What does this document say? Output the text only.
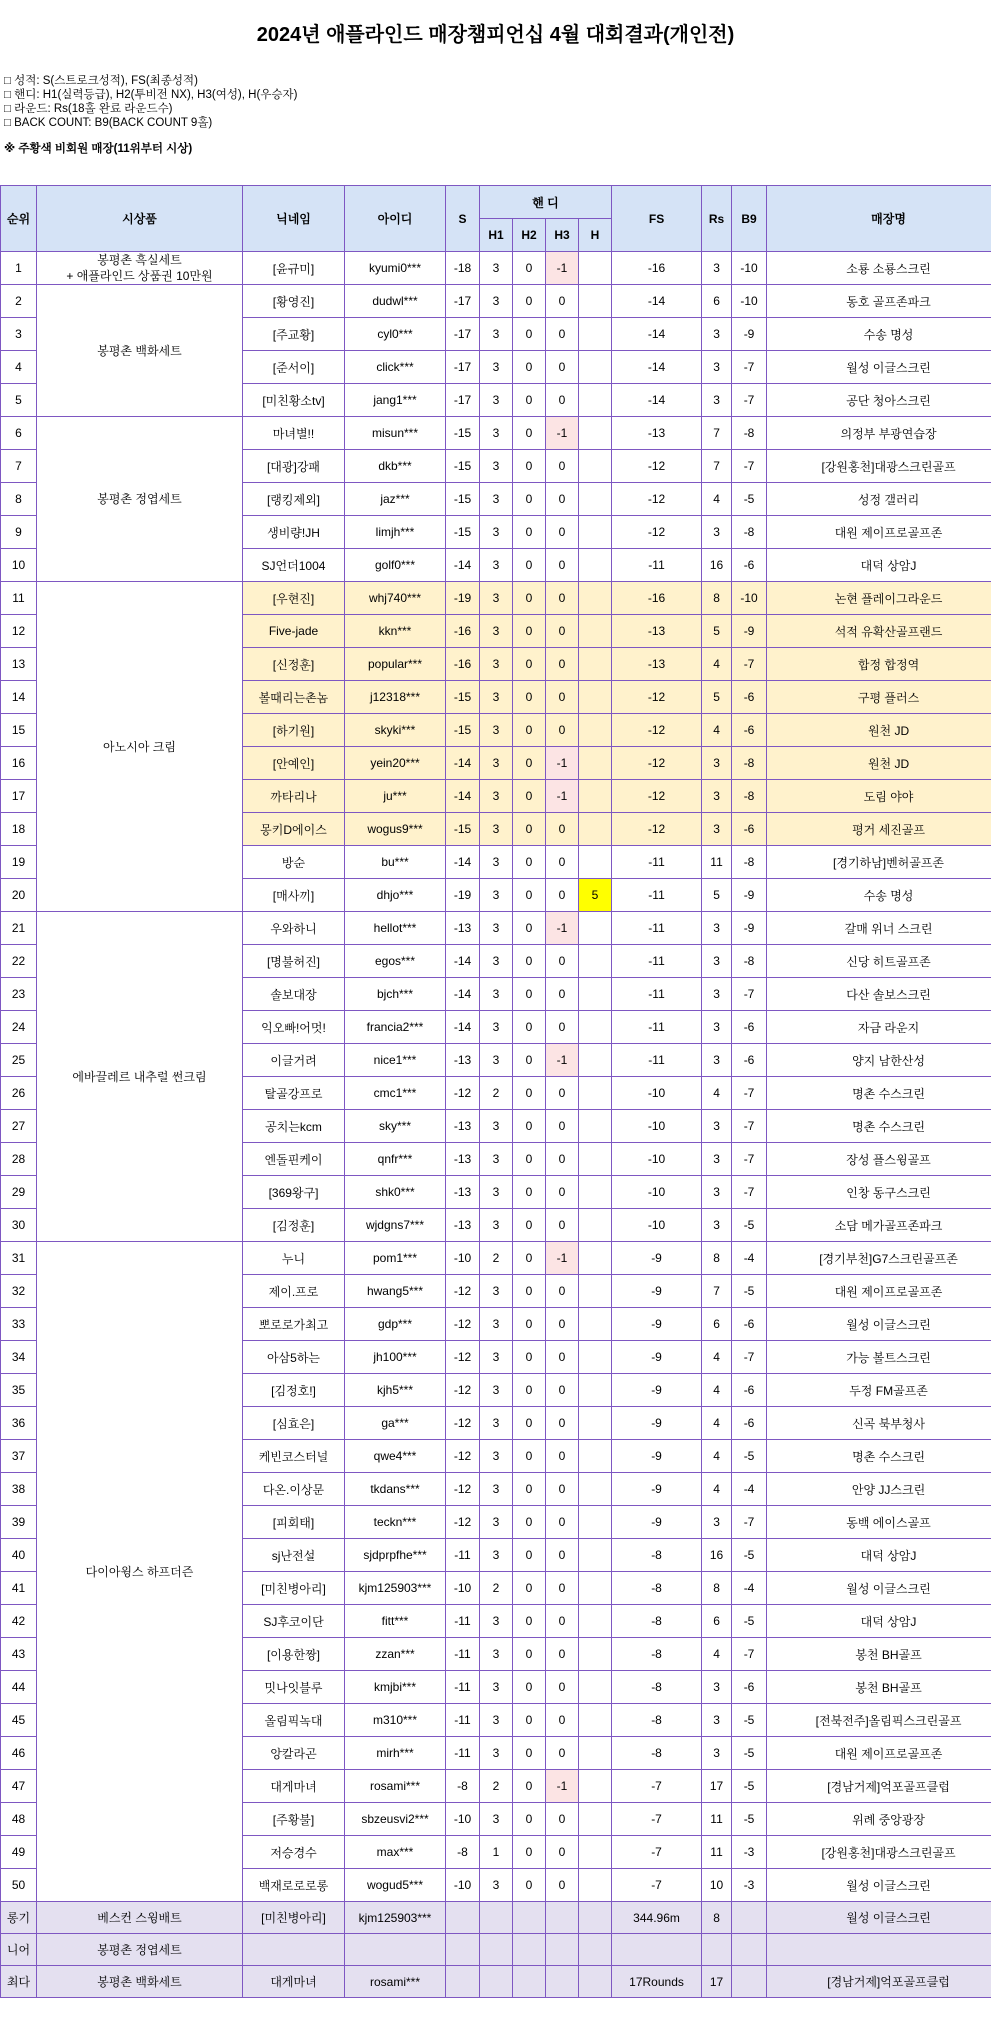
2024년 애플라인드 매장챔피언십 4월 대회결과(개인전)
□ 성적: S(스트로크성적), FS(최종성적)
□ 핸디: H1(실력등급), H2(투비전 NX), H3(여성), H(우승자)
□ 라운드: Rs(18홀 완료 라운드수)
□ BACK COUNT: B9(BACK COUNT 9홀)
※ 주황색 비회원 매장(11위부터 시상)
순위	시상품	닉네임	아이디	S	핸 디				FS	Rs	B9	매장명
					H1	H2	H3	H				
1	봉평촌 흑실세트
+ 애플라인드 상품권 10만원	[윤규미]	kyumi0***	-18	3	0	-1		-16	3	-10	소룡 소룡스크린
2	봉평촌 백화세트	[황영진]	dudwl***	-17	3	0	0		-14	6	-10	동호 골프존파크
3		[주교황]	cyl0***	-17	3	0	0		-14	3	-9	수송 명성
4		[준서이]	click***	-17	3	0	0		-14	3	-7	월성 이글스크린
5		[미친황소tv]	jang1***	-17	3	0	0		-14	3	-7	공단 청아스크린
6	봉평촌 정엽세트	마녀별!!	misun***	-15	3	0	-1		-13	7	-8	의정부 부광연습장
7		[대광]강패	dkb***	-15	3	0	0		-12	7	-7	[강원홍천]대광스크린골프
8		[랭킹제외]	jaz***	-15	3	0	0		-12	4	-5	성정 갤러리
9		생비량!JH	limjh***	-15	3	0	0		-12	3	-8	대원 제이프로골프존
10		SJ언더1004	golf0***	-14	3	0	0		-11	16	-6	대덕 상암J
11	아노시아 크림	[우현진]	whj740***	-19	3	0	0		-16	8	-10	논현 플레이그라운드
12		Five-jade	kkn***	-16	3	0	0		-13	5	-9	석적 유확산골프랜드
13		[신정훈]	popular***	-16	3	0	0		-13	4	-7	합정 합정역
14		볼때리는촌놈	j12318***	-15	3	0	0		-12	5	-6	구평 플러스
15		[하기원]	skyki***	-15	3	0	0		-12	4	-6	원천 JD
16		[안예인]	yein20***	-14	3	0	-1		-12	3	-8	원천 JD
17		까타리나	ju***	-14	3	0	-1		-12	3	-8	도림 야야
18		몽키D에이스	wogus9***	-15	3	0	0		-12	3	-6	평거 세진골프
19		방순	bu***	-14	3	0	0		-11	11	-8	[경기하남]벤허골프존
20		[매사끼]	dhjo***	-19	3	0	0	5	-11	5	-9	수송 명성
21	에바끌레르 내추럴 썬크림	우와하니	hellot***	-13	3	0	-1		-11	3	-9	갈매 위너 스크린
22		[명불허진]	egos***	-14	3	0	0		-11	3	-8	신당 히트골프존
23		솔보대장	bjch***	-14	3	0	0		-11	3	-7	다산 솔보스크린
24		익오빠!어멋!	francia2***	-14	3	0	0		-11	3	-6	자금 라운지
25		이글거려	nice1***	-13	3	0	-1		-11	3	-6	양지 남한산성
26		탈골강프로	cmc1***	-12	2	0	0		-10	4	-7	명촌 수스크린
27		공치는kcm	sky***	-13	3	0	0		-10	3	-7	명촌 수스크린
28		엔돌핀케이	qnfr***	-13	3	0	0		-10	3	-7	장성 플스윙골프
29		[369왕구]	shk0***	-13	3	0	0		-10	3	-7	인창 동구스크린
30		[김정훈]	wjdgns7***	-13	3	0	0		-10	3	-5	소담 메가골프존파크
31	다이아윙스 하프더즌	누니	pom1***	-10	2	0	-1		-9	8	-4	[경기부천]G7스크린골프존
32		제이.프로	hwang5***	-12	3	0	0		-9	7	-5	대원 제이프로골프존
33		뽀로로가최고	gdp***	-12	3	0	0		-9	6	-6	월성 이글스크린
34		아삼5하는	jh100***	-12	3	0	0		-9	4	-7	가능 볼트스크린
35		[김정호!]	kjh5***	-12	3	0	0		-9	4	-6	두정 FM골프존
36		[심효은]	ga***	-12	3	0	0		-9	4	-6	신곡 북부청사
37		케빈코스터널	qwe4***	-12	3	0	0		-9	4	-5	명촌 수스크린
38		다온.이상문	tkdans***	-12	3	0	0		-9	4	-4	안양 JJ스크린
39		[피회태]	teckn***	-12	3	0	0		-9	3	-7	동백 에이스골프
40		sj난전설	sjdprpfhe***	-11	3	0	0		-8	16	-5	대덕 상암J
41		[미친병아리]	kjm125903***	-10	2	0	0		-8	8	-4	월성 이글스크린
42		SJ후코이단	fitt***	-11	3	0	0		-8	6	-5	대덕 상암J
43		[이용한짱]	zzan***	-11	3	0	0		-8	4	-7	봉천 BH골프
44		밋나잇블루	kmjbi***	-11	3	0	0		-8	3	-6	봉천 BH골프
45		올림픽녹대	m310***	-11	3	0	0		-8	3	-5	[전북전주]올림픽스크린골프
46		앙칼라곤	mirh***	-11	3	0	0		-8	3	-5	대원 제이프로골프존
47		대게마녀	rosami***	-8	2	0	-1		-7	17	-5	[경남거제]억포골프클럽
48		[주황불]	sbzeusvi2***	-10	3	0	0		-7	11	-5	위례 중앙광장
49		저승경수	max***	-8	1	0	0		-7	11	-3	[강원홍천]대광스크린골프
50		백재로로로롱	wogud5***	-10	3	0	0		-7	10	-3	월성 이글스크린
롱기	베스컨 스윙배트	[미친병아리]	kjm125903***						344.96m	8		월성 이글스크린
니어	봉평촌 정엽세트											
최다	봉평촌 백화세트	대게마녀	rosami***						17Rounds	17		[경남거제]억포골프클럽
